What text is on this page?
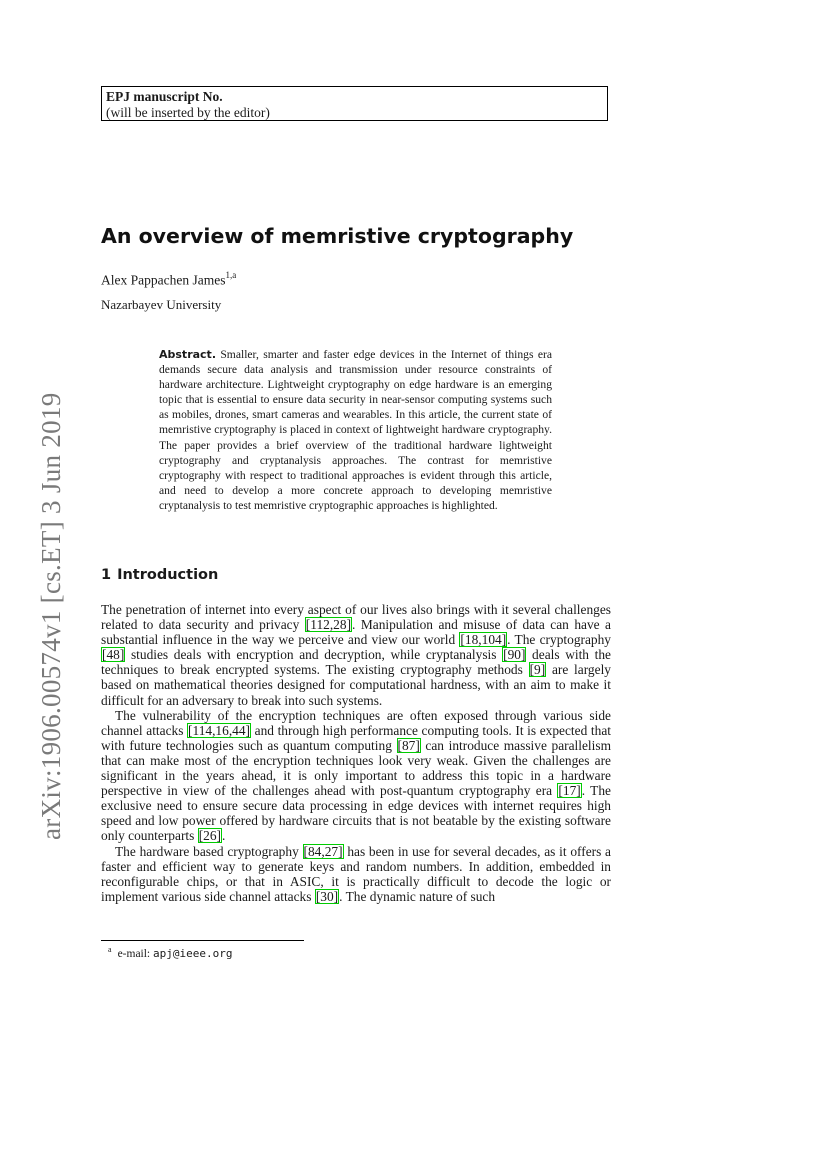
EPJ manuscript No.
(will be inserted by the editor)
arXiv:1906.00574v1 [cs.ET] 3 Jun 2019
An overview of memristive cryptography
Alex Pappachen James$^{1,a}$
Nazarbayev University
Abstract. Smaller, smarter and faster edge devices in the Internet of things era demands secure data analysis and transmission under resource constraints of hardware architecture. Lightweight cryptography on edge hardware is an emerging topic that is essential to ensure data security in near-sensor computing systems such as mobiles, drones, smart cameras and wearables. In this article, the current state of memristive cryptography is placed in context of lightweight hardware cryptography. The paper provides a brief overview of the traditional hardware lightweight cryptography and cryptanalysis approaches. The contrast for memristive cryptography with respect to traditional approaches is evident through this article, and need to develop a more concrete approach to developing memristive cryptanalysis to test memristive cryptographic approaches is highlighted.
1 Introduction

The penetration of internet into every aspect of our lives also brings with it several challenges related to data security and privacy [112,28]. Manipulation and misuse of data can have a substantial influence in the way we perceive and view our world [18,104]. The cryptography [48] studies deals with encryption and decryption, while cryptanalysis [90] deals with the techniques to break encrypted systems. The existing cryptography methods [9] are largely based on mathematical theories designed for computational hardness, with an aim to make it difficult for an adversary to break into such systems.

The vulnerability of the encryption techniques are often exposed through various side channel attacks [114,16,44] and through high performance computing tools. It is expected that with future technologies such as quantum computing [87] can introduce massive parallelism that can make most of the encryption techniques look very weak. Given the challenges are significant in the years ahead, it is only important to address this topic in a hardware perspective in view of the challenges ahead with post-quantum cryptography era [17]. The exclusive need to ensure secure data processing in edge devices with internet requires high speed and low power offered by hardware circuits that is not beatable by the existing software only counterparts [26].

The hardware based cryptography [84,27] has been in use for several decades, as it offers a faster and efficient way to generate keys and random numbers. In addition, embedded in reconfigurable chips, or that in ASIC, it is practically difficult to decode the logic or implement various side channel attacks [30]. The dynamic nature of such

$^a$ e-mail: apj@ieee.org
